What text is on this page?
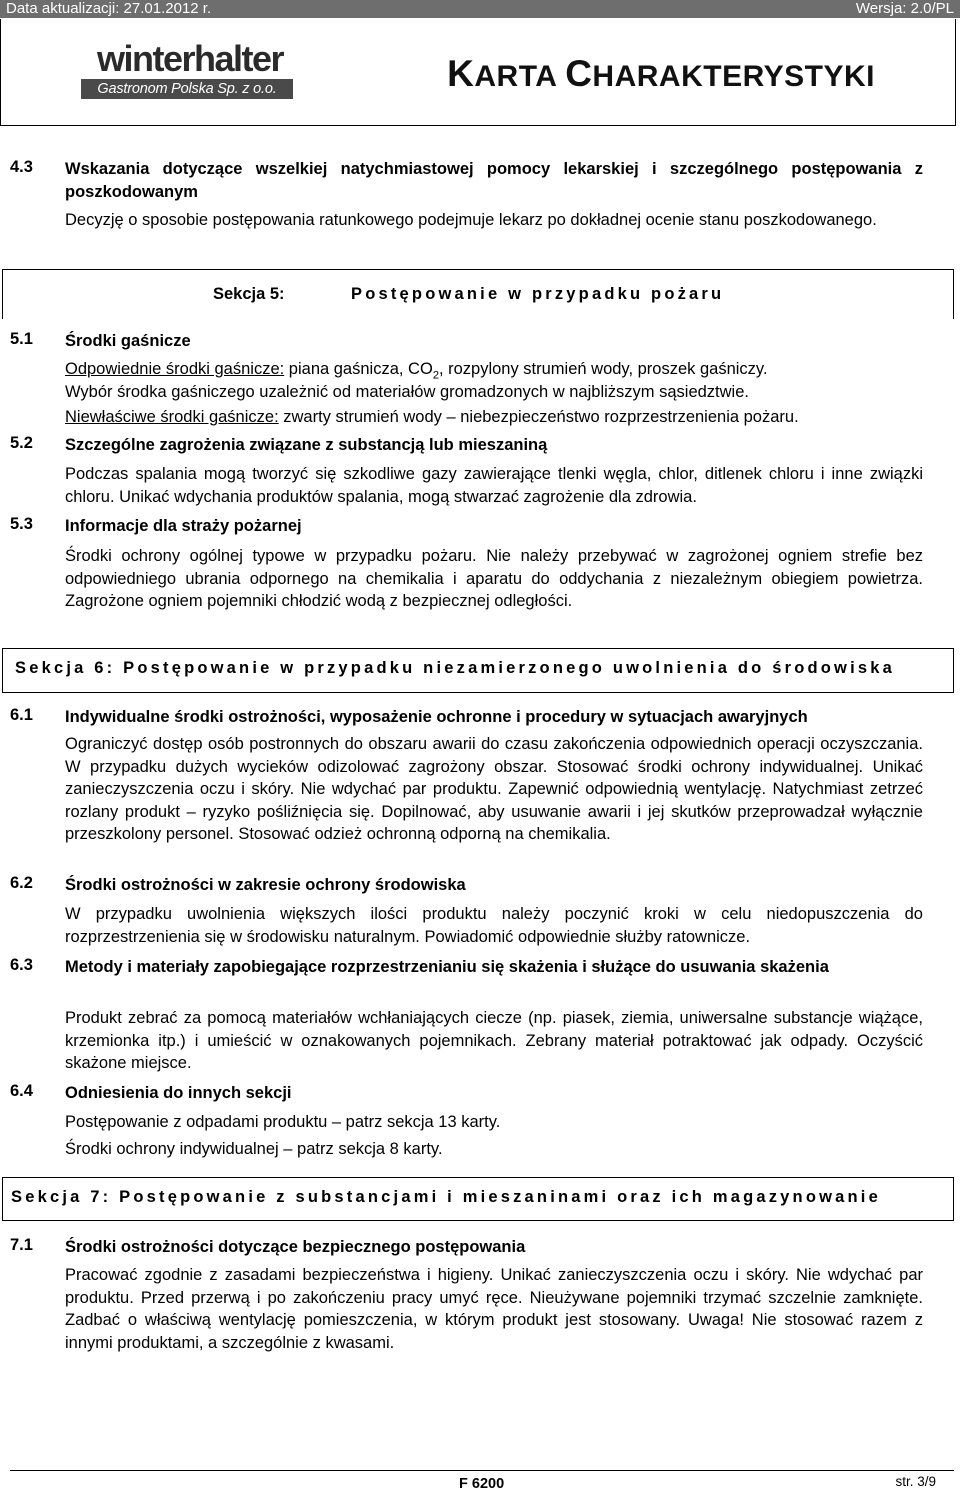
Data aktualizacji: 27.01.2012 r.	Wersja: 2.0/PL
winterhalter
Gastronom Polska Sp. z o.o.	KARTA CHARAKTERYSTYKI
4.3 Wskazania dotyczące wszelkiej natychmiastowej pomocy lekarskiej i szczególnego postępowania z poszkodowanym
Decyzję o sposobie postępowania ratunkowego podejmuje lekarz po dokładnej ocenie stanu poszkodowanego.
Sekcja 5:	Postępowanie w przypadku pożaru
5.1 Środki gaśnicze
Odpowiednie środki gaśnicze: piana gaśnicza, $CO_2$, rozpylony strumień wody, proszek gaśniczy.
Wybór środka gaśniczego uzależnić od materiałów gromadzonych w najbliższym sąsiedztwie.
Niewłaściwe środki gaśnicze: zwarty strumień wody – niebezpieczeństwo rozprzestrzenienia pożaru.
5.2 Szczególne zagrożenia związane z substancją lub mieszaniną
Podczas spalania mogą tworzyć się szkodliwe gazy zawierające tlenki węgla, chlor, ditlenek chloru i inne związki chloru. Unikać wdychania produktów spalania, mogą stwarzać zagrożenie dla zdrowia.
5.3 Informacje dla straży pożarnej
Środki ochrony ogólnej typowe w przypadku pożaru. Nie należy przebywać w zagrożonej ogniem strefie bez odpowiedniego ubrania odpornego na chemikalia i aparatu do oddychania z niezależnym obiegiem powietrza. Zagrożone ogniem pojemniki chłodzić wodą z bezpiecznej odległości.
Sekcja 6: Postępowanie w przypadku niezamierzonego uwolnienia do środowiska
6.1 Indywidualne środki ostrożności, wyposażenie ochronne i procedury w sytuacjach awaryjnych
Ograniczyć dostęp osób postronnych do obszaru awarii do czasu zakończenia odpowiednich operacji oczyszczania. W przypadku dużych wycieków odizolować zagrożony obszar. Stosować środki ochrony indywidualnej. Unikać zanieczyszczenia oczu i skóry. Nie wdychać par produktu. Zapewnić odpowiednią wentylację. Natychmiast zetrzeć rozlany produkt – ryzyko pośliźnięcia się. Dopilnować, aby usuwanie awarii i jej skutków przeprowadzał wyłącznie przeszkolony personel. Stosować odzież ochronną odporną na chemikalia.
6.2 Środki ostrożności w zakresie ochrony środowiska
W przypadku uwolnienia większych ilości produktu należy poczynić kroki w celu niedopuszczenia do rozprzestrzenienia się w środowisku naturalnym. Powiadomić odpowiednie służby ratownicze.
6.3 Metody i materiały zapobiegające rozprzestrzenianiu się skażenia i służące do usuwania skażenia
Produkt zebrać za pomocą materiałów wchłaniających ciecze (np. piasek, ziemia, uniwersalne substancje wiążące, krzemionka itp.) i umieścić w oznakowanych pojemnikach. Zebrany materiał potraktować jak odpady. Oczyścić skażone miejsce.
6.4 Odniesienia do innych sekcji
Postępowanie z odpadami produktu – patrz sekcja 13 karty.
Środki ochrony indywidualnej – patrz sekcja 8 karty.
Sekcja 7: Postępowanie z substancjami i mieszaninami oraz ich magazynowanie
7.1 Środki ostrożności dotyczące bezpiecznego postępowania
Pracować zgodnie z zasadami bezpieczeństwa i higieny. Unikać zanieczyszczenia oczu i skóry. Nie wdychać par produktu. Przed przerwą i po zakończeniu pracy umyć ręce. Nieużywane pojemniki trzymać szczelnie zamknięte. Zadbać o właściwą wentylację pomieszczenia, w którym produkt jest stosowany. Uwaga! Nie stosować razem z innymi produktami, a szczególnie z kwasami.
F 6200	str. 3/9
